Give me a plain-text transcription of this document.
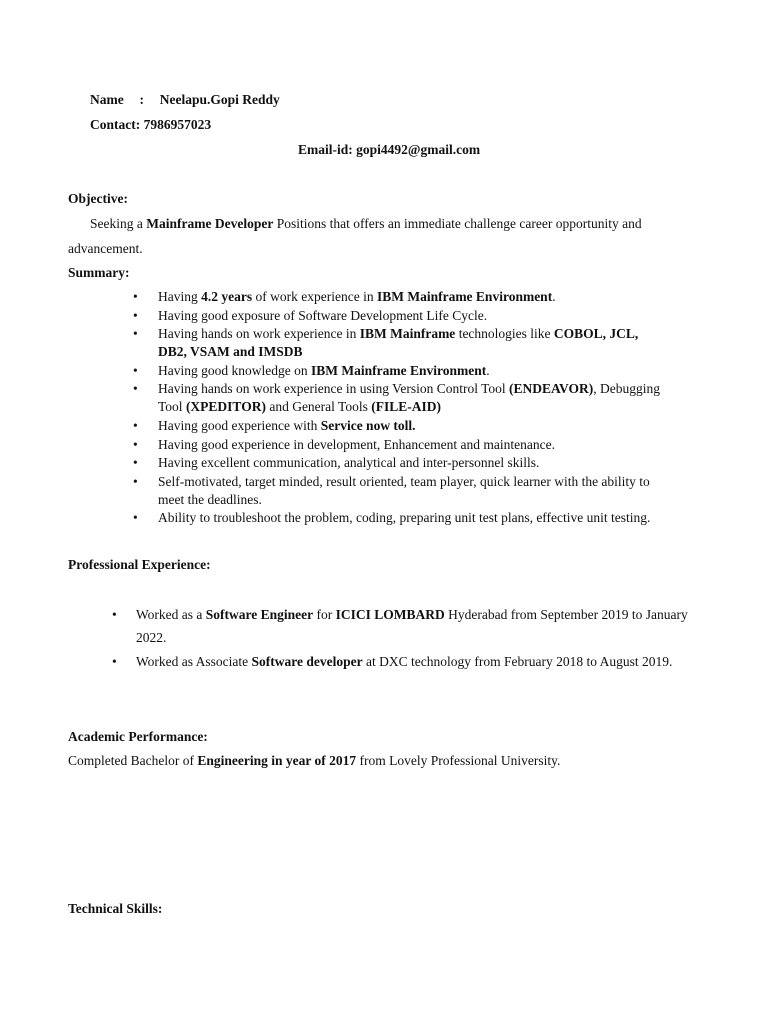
Name : Neelapu.Gopi Reddy
Contact: 7986957023
Email-id: gopi4492@gmail.com
Objective:
Seeking a Mainframe Developer Positions that offers an immediate challenge career opportunity and
advancement.
Summary:
• Having 4.2 years of work experience in IBM Mainframe Environment.
• Having good exposure of Software Development Life Cycle.
• Having hands on work experience in IBM Mainframe technologies like COBOL, JCL,
DB2, VSAM and IMSDB
• Having good knowledge on IBM Mainframe Environment.
• Having hands on work experience in using Version Control Tool (ENDEAVOR), Debugging
Tool (XPEDITOR) and General Tools (FILE-AID)
• Having good experience with Service now toll.
• Having good experience in development, Enhancement and maintenance.
• Having excellent communication, analytical and inter-personnel skills.
• Self-motivated, target minded, result oriented, team player, quick learner with the ability to
meet the deadlines.
• Ability to troubleshoot the problem, coding, preparing unit test plans, effective unit testing.
Professional Experience:
• Worked as a Software Engineer for ICICI LOMBARD Hyderabad from September 2019 to January
2022.
• Worked as Associate Software developer at DXC technology from February 2018 to August 2019.
Academic Performance:
Completed Bachelor of Engineering in year of 2017 from Lovely Professional University.
Technical Skills:
